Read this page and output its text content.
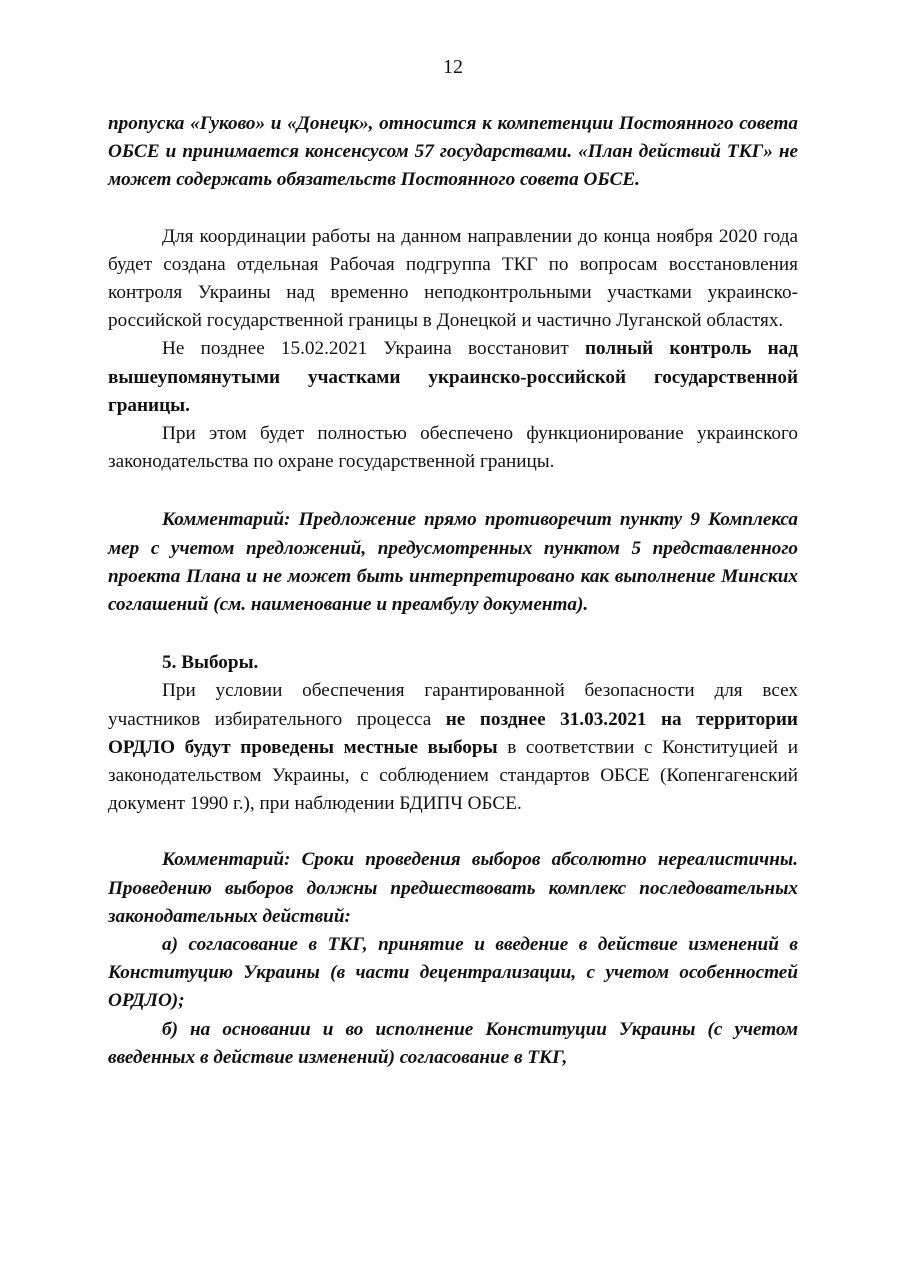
12

пропуска «Гуково» и «Донецк», относится к компетенции Постоянного совета ОБСЕ и принимается консенсусом 57 государствами. «План действий ТКГ» не может содержать обязательств Постоянного совета ОБСЕ.

Для координации работы на данном направлении до конца ноября 2020 года будет создана отдельная Рабочая подгруппа ТКГ по вопросам восстановления контроля Украины над временно неподконтрольными участками украинско-российской государственной границы в Донецкой и частично Луганской областях.

Не позднее 15.02.2021 Украина восстановит полный контроль над вышеупомянутыми участками украинско-российской государственной границы.

При этом будет полностью обеспечено функционирование украинского законодательства по охране государственной границы.

Комментарий: Предложение прямо противоречит пункту 9 Комплекса мер с учетом предложений, предусмотренных пунктом 5 представленного проекта Плана и не может быть интерпретировано как выполнение Минских соглашений (см. наименование и преамбулу документа).

5. Выборы.

При условии обеспечения гарантированной безопасности для всех участников избирательного процесса не позднее 31.03.2021 на территории ОРДЛО будут проведены местные выборы в соответствии с Конституцией и законодательством Украины, с соблюдением стандартов ОБСЕ (Копенгагенский документ 1990 г.), при наблюдении БДИПЧ ОБСЕ.

Комментарий: Сроки проведения выборов абсолютно нереалистичны. Проведению выборов должны предшествовать комплекс последовательных законодательных действий:

а) согласование в ТКГ, принятие и введение в действие изменений в Конституцию Украины (в части децентрализации, с учетом особенностей ОРДЛО);

б) на основании и во исполнение Конституции Украины (с учетом введенных в действие изменений) согласование в ТКГ,
